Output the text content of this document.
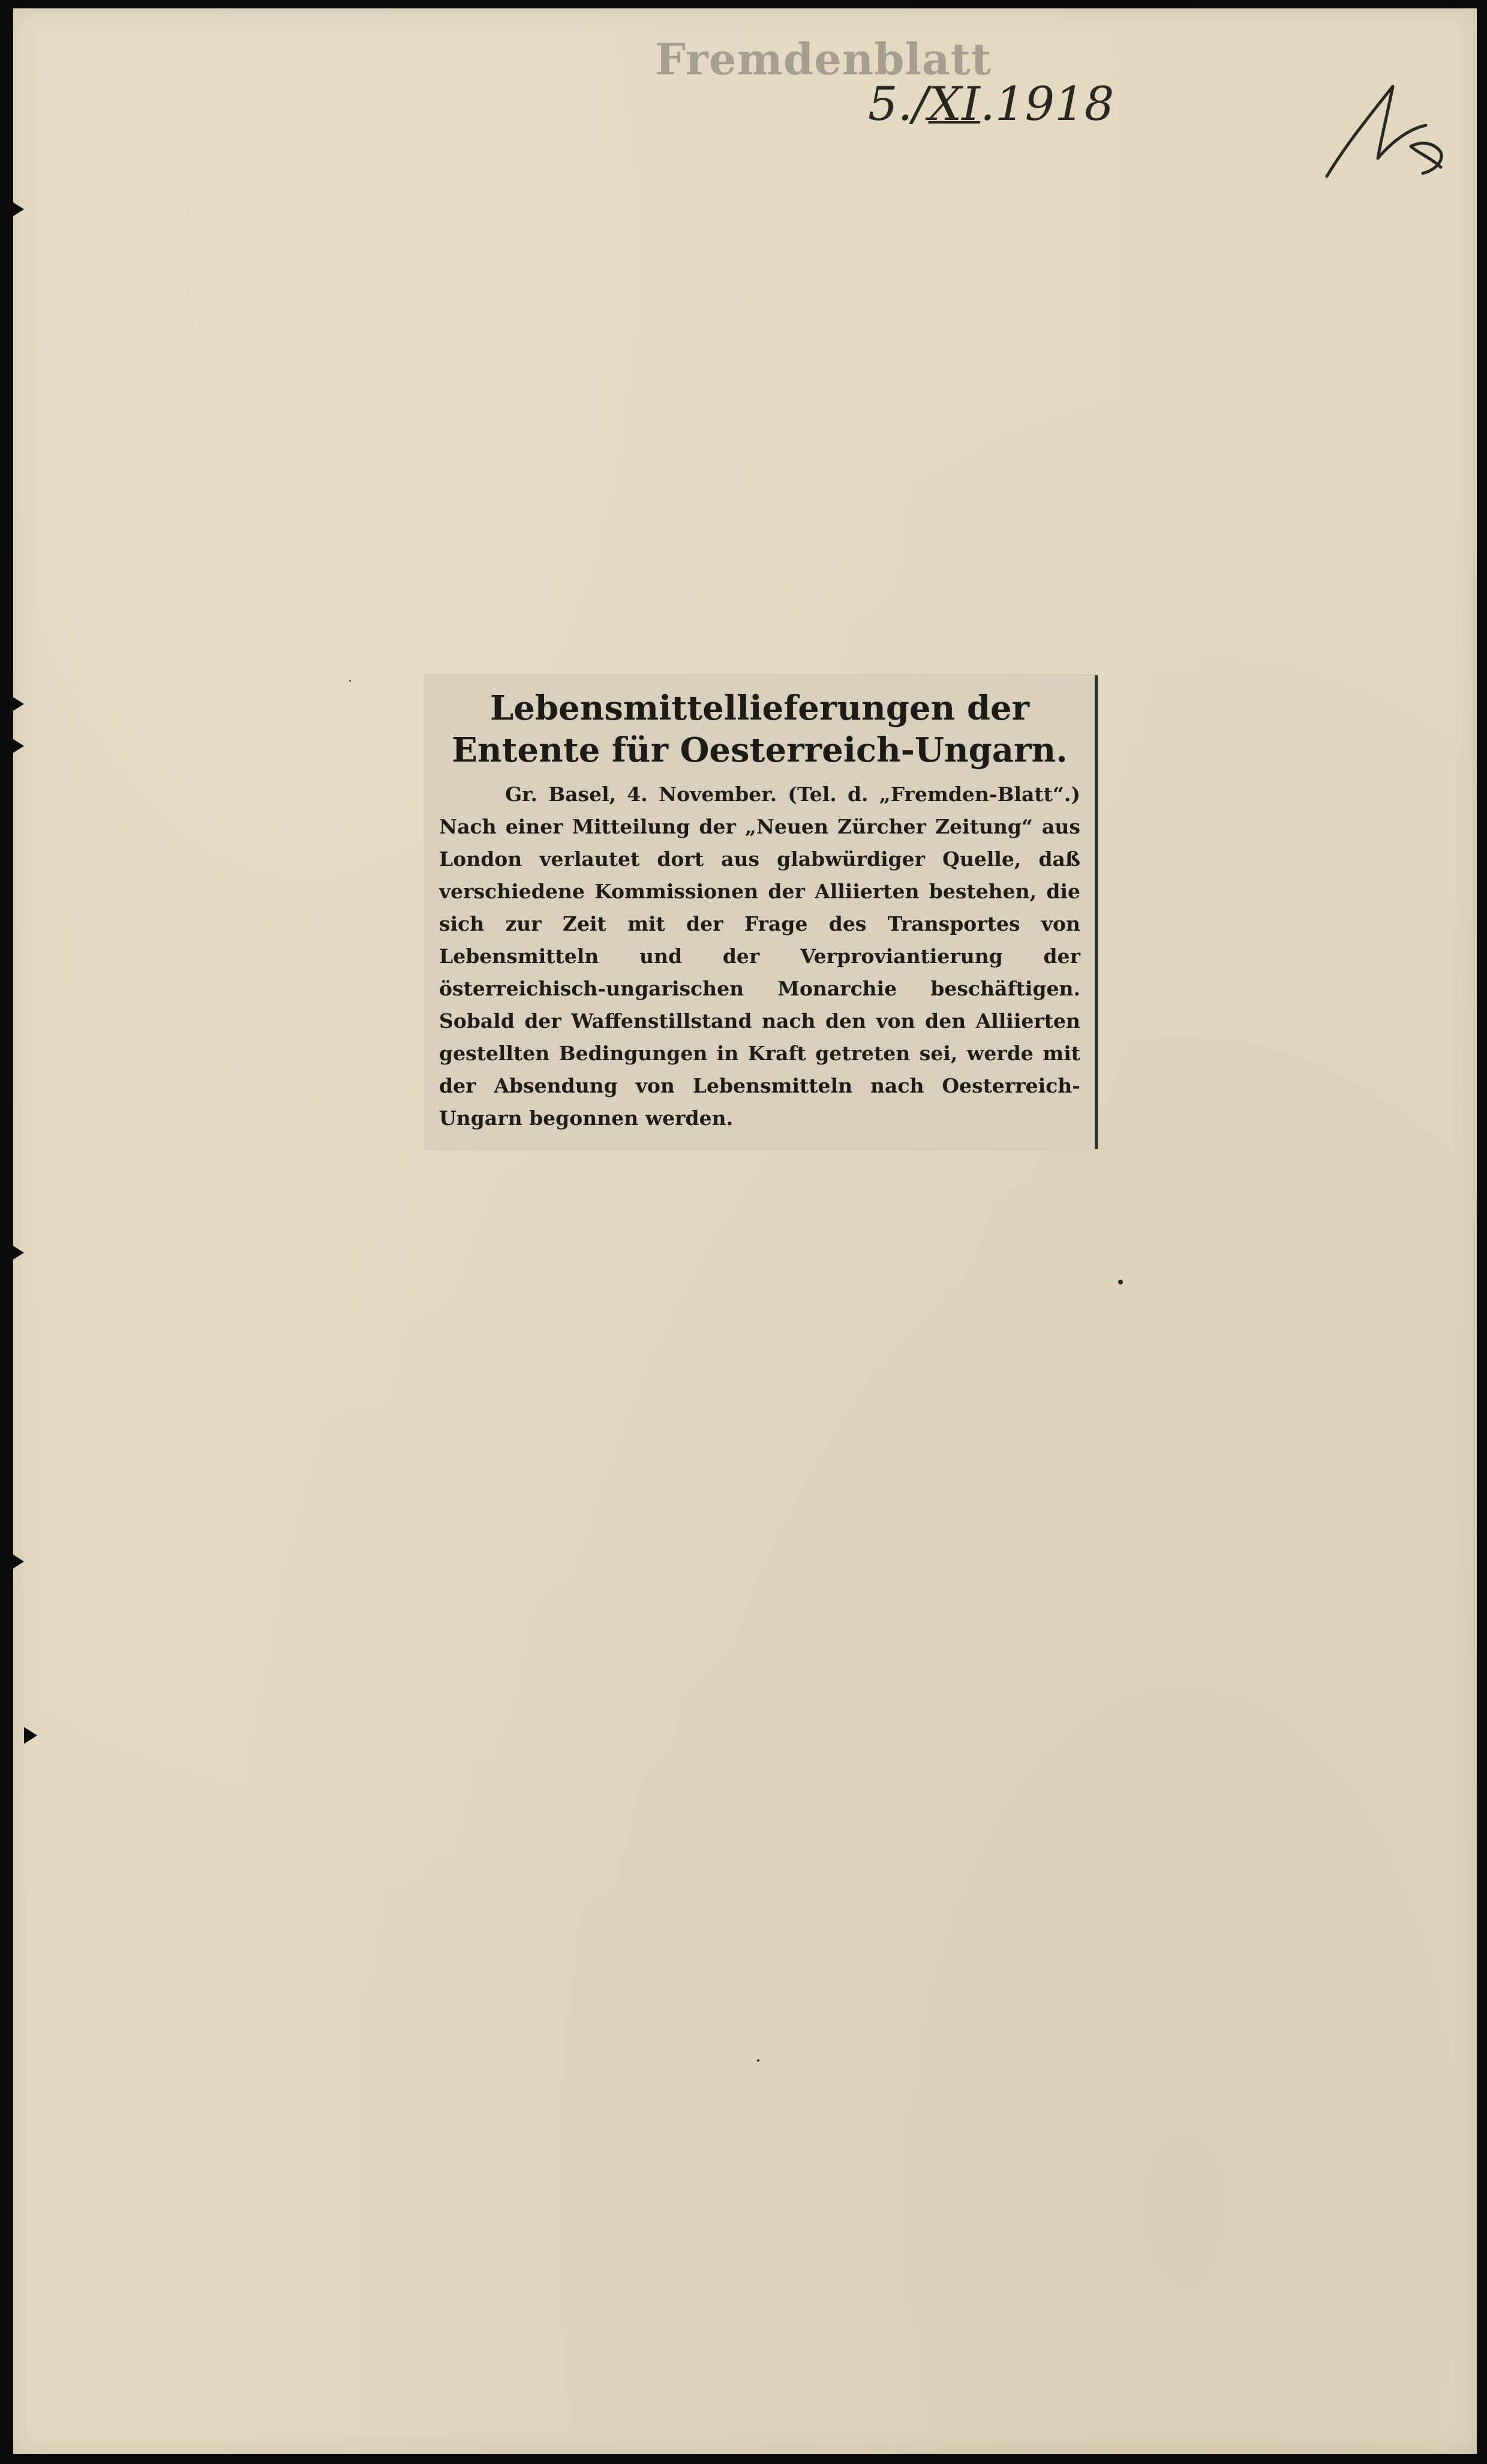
Fremdenblatt

5./XI.1918

Lebensmittellieferungen der Entente für Oesterreich-Ungarn.

Gr. Basel, 4. November. (Tel. d. „Fremden-Blatt“.) Nach einer Mitteilung der „Neuen Zürcher Zeitung“ aus London verlautet dort aus glabwürdiger Quelle, daß verschiedene Kommissionen der Alliierten bestehen, die sich zur Zeit mit der Frage des Transportes von Lebensmitteln und der Verproviantierung der österreichisch-ungarischen Monarchie beschäftigen. Sobald der Waffenstillstand nach den von den Alliierten gestellten Bedingungen in Kraft getreten sei, werde mit der Absendung von Lebensmitteln nach Oesterreich-Ungarn begonnen werden.
